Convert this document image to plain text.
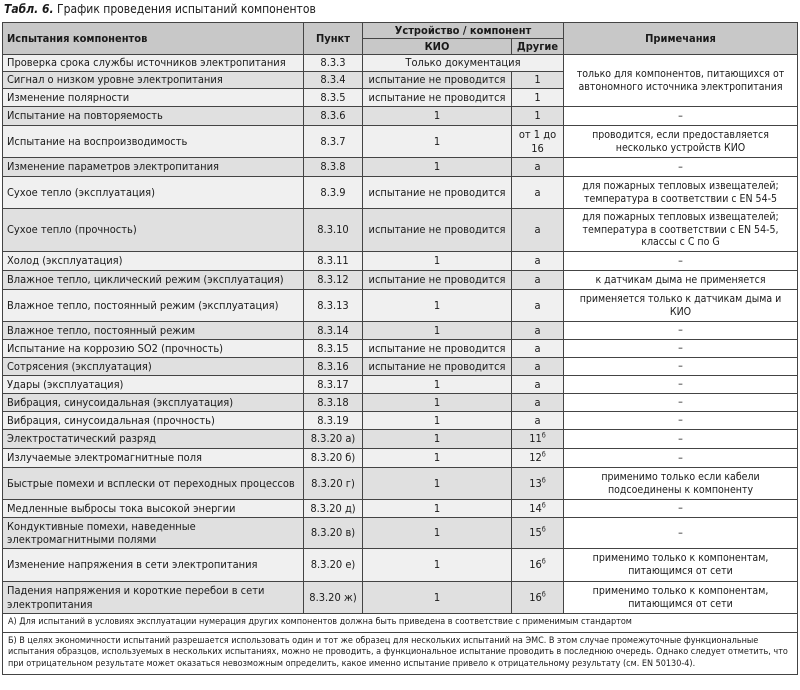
Табл. 6. График проведения испытаний компонентов
Испытания компонентов	Пункт	Устройство / компонент		Примечания
		КИО	Другие	
Проверка срока службы источников электропитания	8.3.3	Только документация		только для компонентов, питающихся от автономного источника электропитания
Сигнал о низком уровне электропитания	8.3.4	испытание не проводится	1	
Изменение полярности	8.3.5	испытание не проводится	1	
Испытание на повторяемость	8.3.6	1	1	–
Испытание на воспроизводимость	8.3.7	1	от 1 до 16	проводится, если предоставляется несколько устройств КИО
Изменение параметров электропитания	8.3.8	1	а	–
Сухое тепло (эксплуатация)	8.3.9	испытание не проводится	а	для пожарных тепловых извещателей; температура в соответствии с EN 54-5
Сухое тепло (прочность)	8.3.10	испытание не проводится	а	для пожарных тепловых извещателей; температура в соответствии с EN 54-5, классы с С по G
Холод (эксплуатация)	8.3.11	1	а	–
Влажное тепло, циклический режим (эксплуатация)	8.3.12	испытание не проводится	а	к датчикам дыма не применяется
Влажное тепло, постоянный режим (эксплуатация)	8.3.13	1	а	применяется только к датчикам дыма и КИО
Влажное тепло, постоянный режим	8.3.14	1	а	–
Испытание на коррозию SO2 (прочность)	8.3.15	испытание не проводится	а	–
Сотрясения (эксплуатация)	8.3.16	испытание не проводится	а	–
Удары (эксплуатация)	8.3.17	1	а	–
Вибрация, синусоидальная (эксплуатация)	8.3.18	1	а	–
Вибрация, синусоидальная (прочность)	8.3.19	1	а	–
Электростатический разряд	8.3.20 а)	1	$11^б$	–
Излучаемые электромагнитные поля	8.3.20 б)	1	$12^б$	–
Быстрые помехи и всплески от переходных процессов	8.3.20 г)	1	$13^б$	применимо только если кабели подсоединены к компоненту
Медленные выбросы тока высокой энергии	8.3.20 д)	1	$14^б$	–
Кондуктивные помехи, наведенные электромагнитными полями	8.3.20 в)	1	$15^б$	–
Изменение напряжения в сети электропитания	8.3.20 е)	1	$16^б$	применимо только к компонентам, питающимся от сети
Падения напряжения и короткие перебои в сети электропитания	8.3.20 ж)	1	$16^б$	применимо только к компонентам, питающимся от сети
А) Для испытаний в условиях эксплуатации нумерация других компонентов должна быть приведена в соответствие с применимым стандартом				
Б) В целях экономичности испытаний разрешается использовать один и тот же образец для нескольких испытаний на ЭМС. В этом случае промежуточные функциональные испытания образцов, используемых в нескольких испытаниях, можно не проводить, а функциональное испытание проводить в последнюю очередь. Однако следует отметить, что при отрицательном результате может оказаться невозможным определить, какое именно испытание привело к отрицательному результату (см. EN 50130-4).				
